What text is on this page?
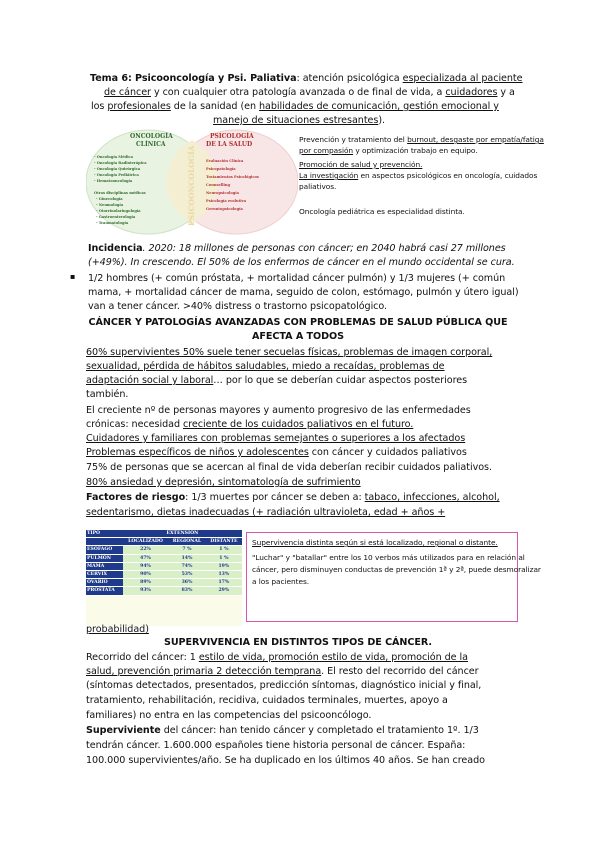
Tema 6: Psicooncología y Psi. Paliativa: atención psicológica especializada al paciente
de cáncer y con cualquier otra patología avanzada o de final de vida, a cuidadores y a
los profesionales de la sanidad (en habilidades de comunicación, gestión emocional y
manejo de situaciones estresantes).
ONCOLOGÍA
CLÍNICA
PSICOLOGÍA
DE LA SALUD
PSICOONCOLOGÍA
- Oncología Médica
- Oncología Radioterápica
- Oncología Quirúrgica
- Oncología Pediátrica
- Hematooncología
Otras disciplinas médicas
- Ginecología
- Neumología
- Otorrinolaringología
- Gastroenterología
- Traumatología
Evaluación Clínica
Psicopatología
Tratamientos Psicológicos
Counselling
Neuropsicología
Psicología evolutiva
Gerontopsicología
Prevención y tratamiento del burnout, desgaste por empatía/fatiga
por compasión y optimización trabajo en equipo.
Promoción de salud y prevención.
La investigación en aspectos psicológicos en oncología, cuidados
paliativos.
Oncología pediátrica es especialidad distinta.
Incidencia. 2020: 18 millones de personas con cáncer; en 2040 habrá casi 27 millones
(+49%). In crescendo. El 50% de los enfermos de cáncer en el mundo occidental se cura.
▪ 1/2 hombres (+ común próstata, + mortalidad cáncer pulmón) y 1/3 mujeres (+ común
mama, + mortalidad cáncer de mama, seguido de colon, estómago, pulmón y útero igual)
van a tener cáncer. >40% distress o trastorno psicopatológico.
CÁNCER Y PATOLOGÍAS AVANZADAS CON PROBLEMAS DE SALUD PÚBLICA QUE
AFECTA A TODOS
60% supervivientes 50% suele tener secuelas físicas, problemas de imagen corporal,
sexualidad, pérdida de hábitos saludables, miedo a recaídas, problemas de
adaptación social y laboral… por lo que se deberían cuidar aspectos posteriores
también.
El creciente nº de personas mayores y aumento progresivo de las enfermedades
crónicas: necesidad creciente de los cuidados paliativos en el futuro.
Cuidadores y familiares con problemas semejantes o superiores a los afectados
Problemas específicos de niños y adolescentes con cáncer y cuidados paliativos
75% de personas que se acercan al final de vida deberían recibir cuidados paliativos.
80% ansiedad y depresión, sintomatología de sufrimiento
Factores de riesgo: 1/3 muertes por cáncer se deben a: tabaco, infecciones, alcohol,
sedentarismo, dietas inadecuadas (+ radiación ultravioleta, edad + años +
TIPO	EXTENSIÓN		
	LOCALIZADO	REGIONAL	DISTANTE
ESÓFAGO	22%	7 %	1 %
PULMÓN	47%	14%	1 %
MAMA	94%	74%	19%
CÉRVIX	90%	53%	13%
OVARIO	89%	36%	17%
PRÓSTATA	93%	83%	29%
Supervivencia distinta según si está localizado, regional o distante.
"Luchar" y "batallar" entre los 10 verbos más utilizados para en relación al
cáncer, pero disminuyen conductas de prevención 1ª y 2ª, puede desmoralizar
a los pacientes.
probabilidad)
SUPERVIVENCIA EN DISTINTOS TIPOS DE CÁNCER.
Recorrido del cáncer: 1 estilo de vida, promoción estilo de vida, promoción de la
salud, prevención primaria 2 detección temprana. El resto del recorrido del cáncer
(síntomas detectados, presentados, predicción síntomas, diagnóstico inicial y final,
tratamiento, rehabilitación, recidiva, cuidados terminales, muertes, apoyo a
familiares) no entra en las competencias del psicooncólogo.
Superviviente del cáncer: han tenido cáncer y completado el tratamiento 1º. 1/3
tendrán cáncer. 1.600.000 españoles tiene historia personal de cáncer. España:
100.000 supervivientes/año. Se ha duplicado en los últimos 40 años. Se han creado
